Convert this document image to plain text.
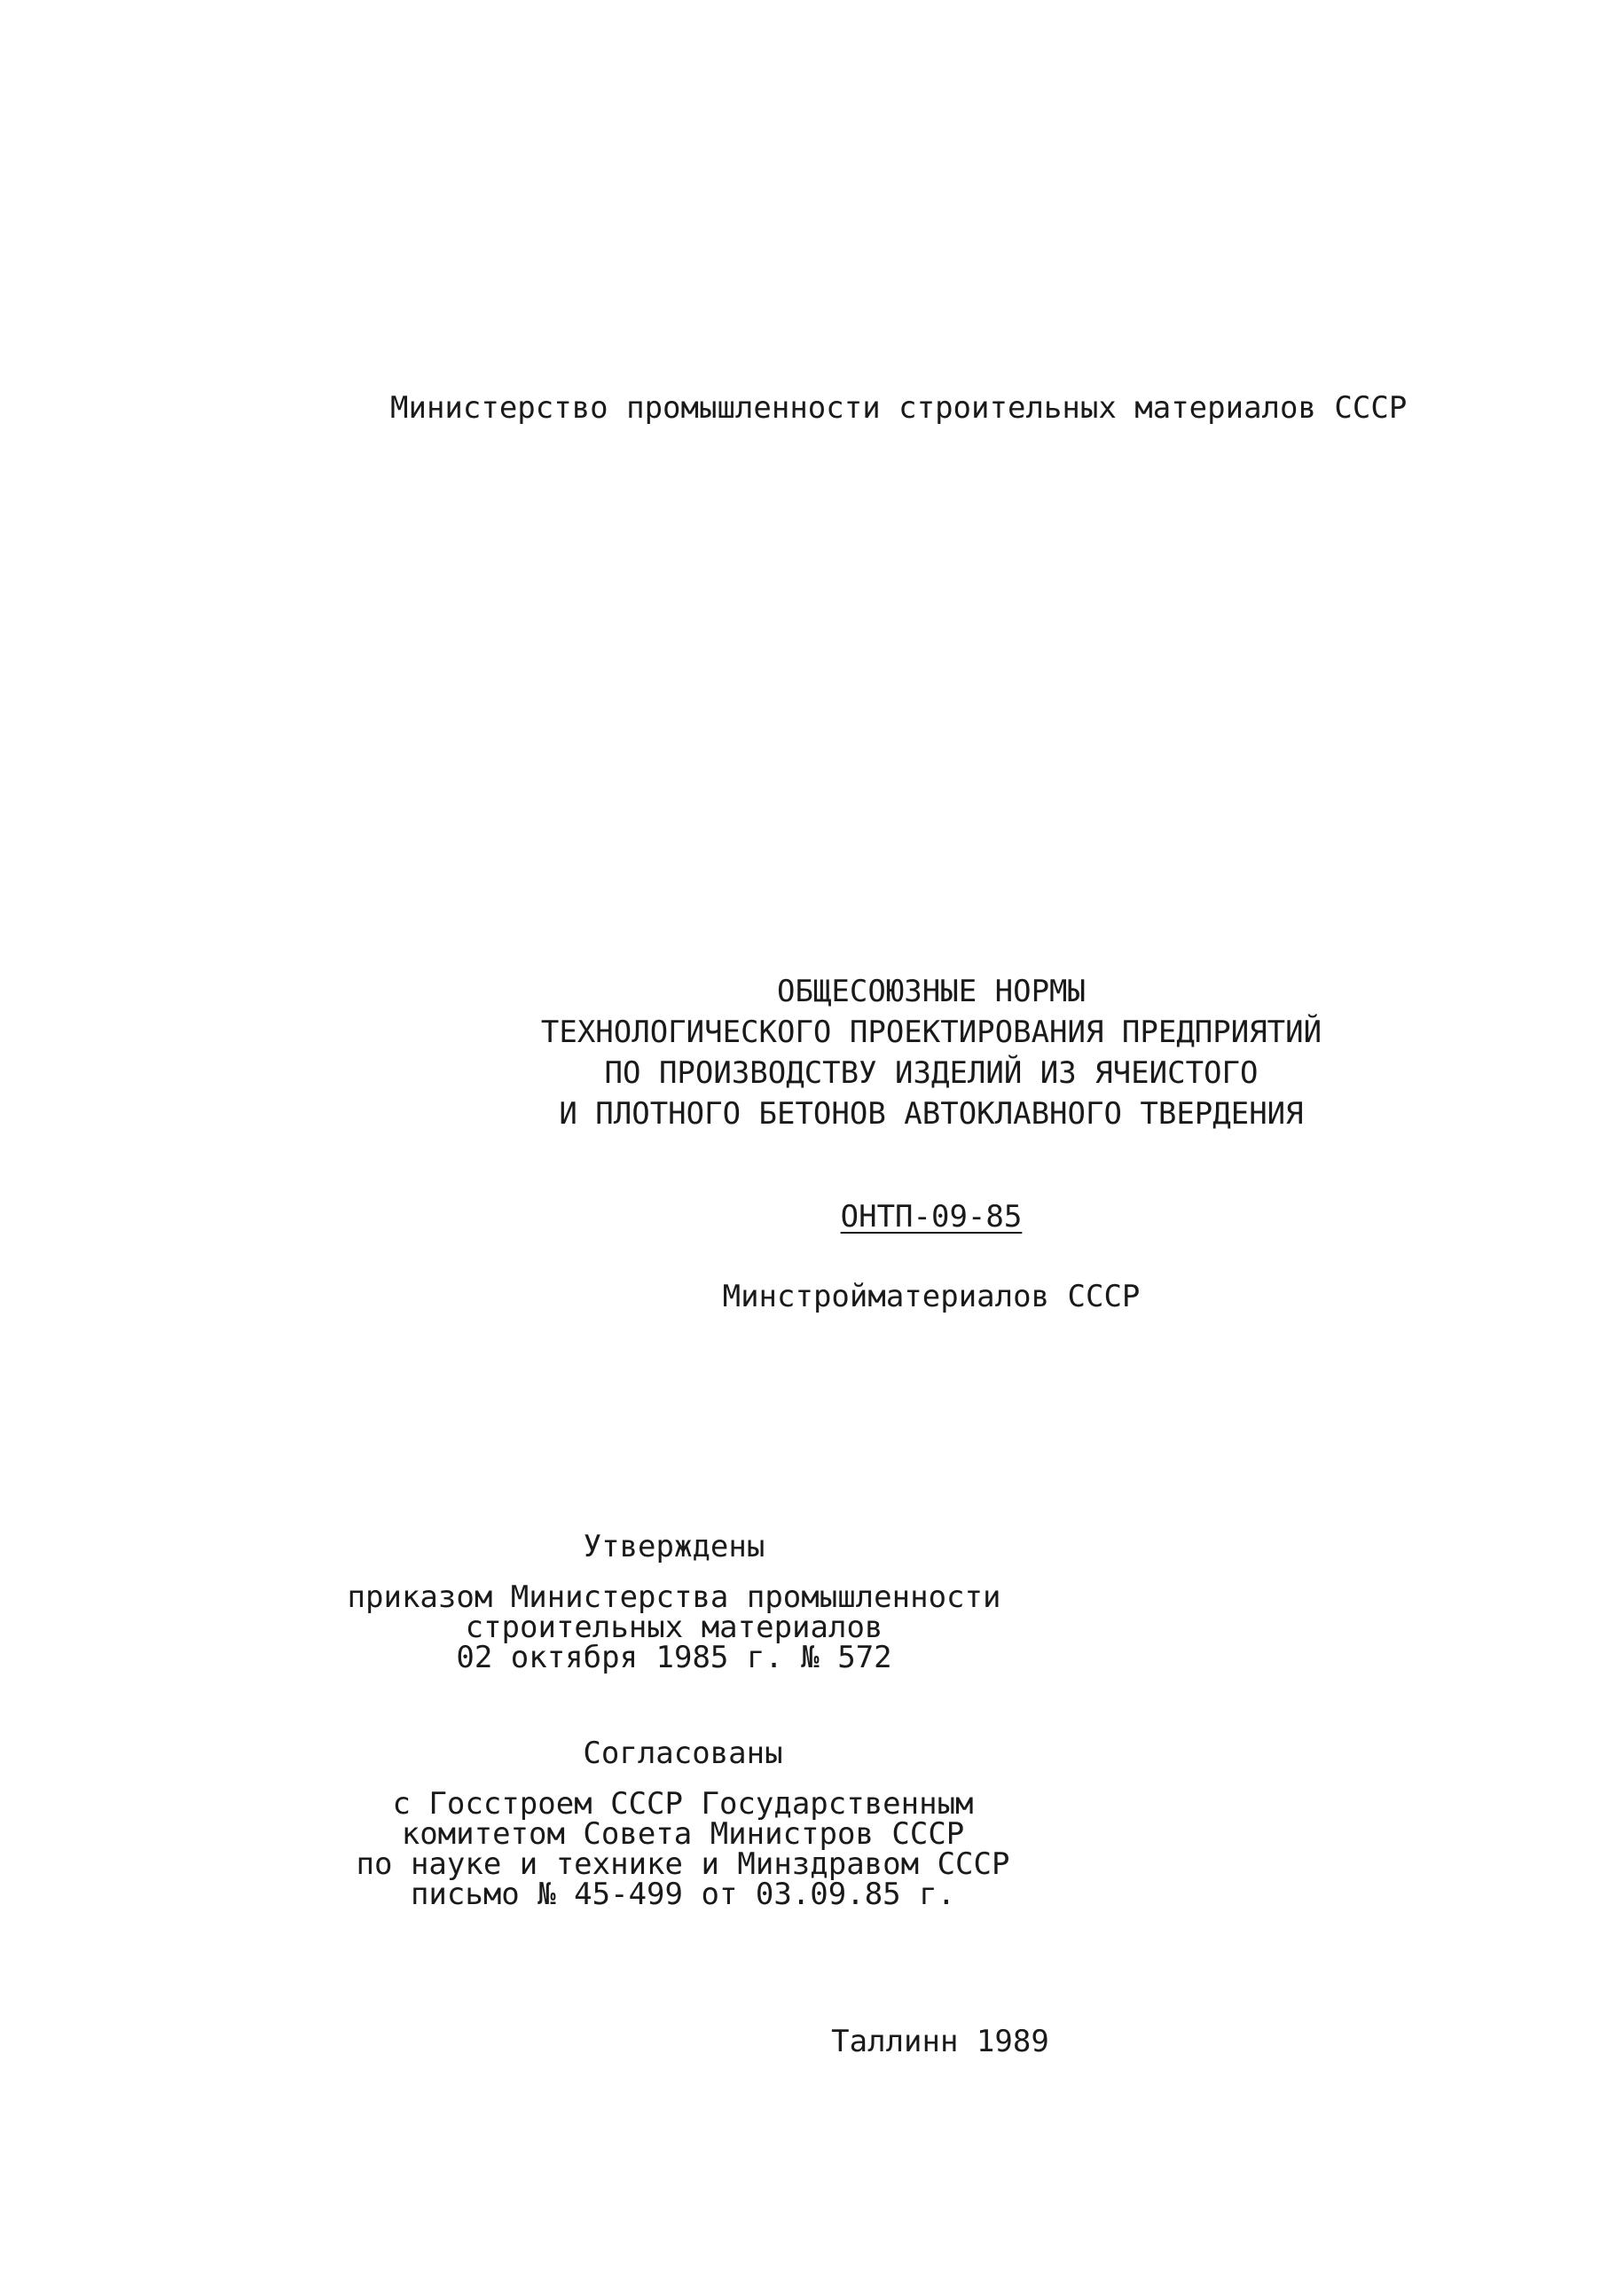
Министерство промышленности строительных материалов СССР
ОБЩЕСОЮЗНЫЕ НОРМЫ
ТЕХНОЛОГИЧЕСКОГО ПРОЕКТИРОВАНИЯ ПРЕДПРИЯТИЙ
ПО ПРОИЗВОДСТВУ ИЗДЕЛИЙ ИЗ ЯЧЕИСТОГО
И ПЛОТНОГО БЕТОНОВ АВТОКЛАВНОГО ТВЕРДЕНИЯ
ОНТП-09-85
Минстройматериалов СССР
Утверждены
приказом Министерства промышленности
строительных материалов
02 октября 1985 г. № 572
Согласованы
с Госстроем СССР Государственным
комитетом Совета Министров СССР
по науке и технике и Минздравом СССР
письмо № 45-499 от 03.09.85 г.
Таллинн 1989
